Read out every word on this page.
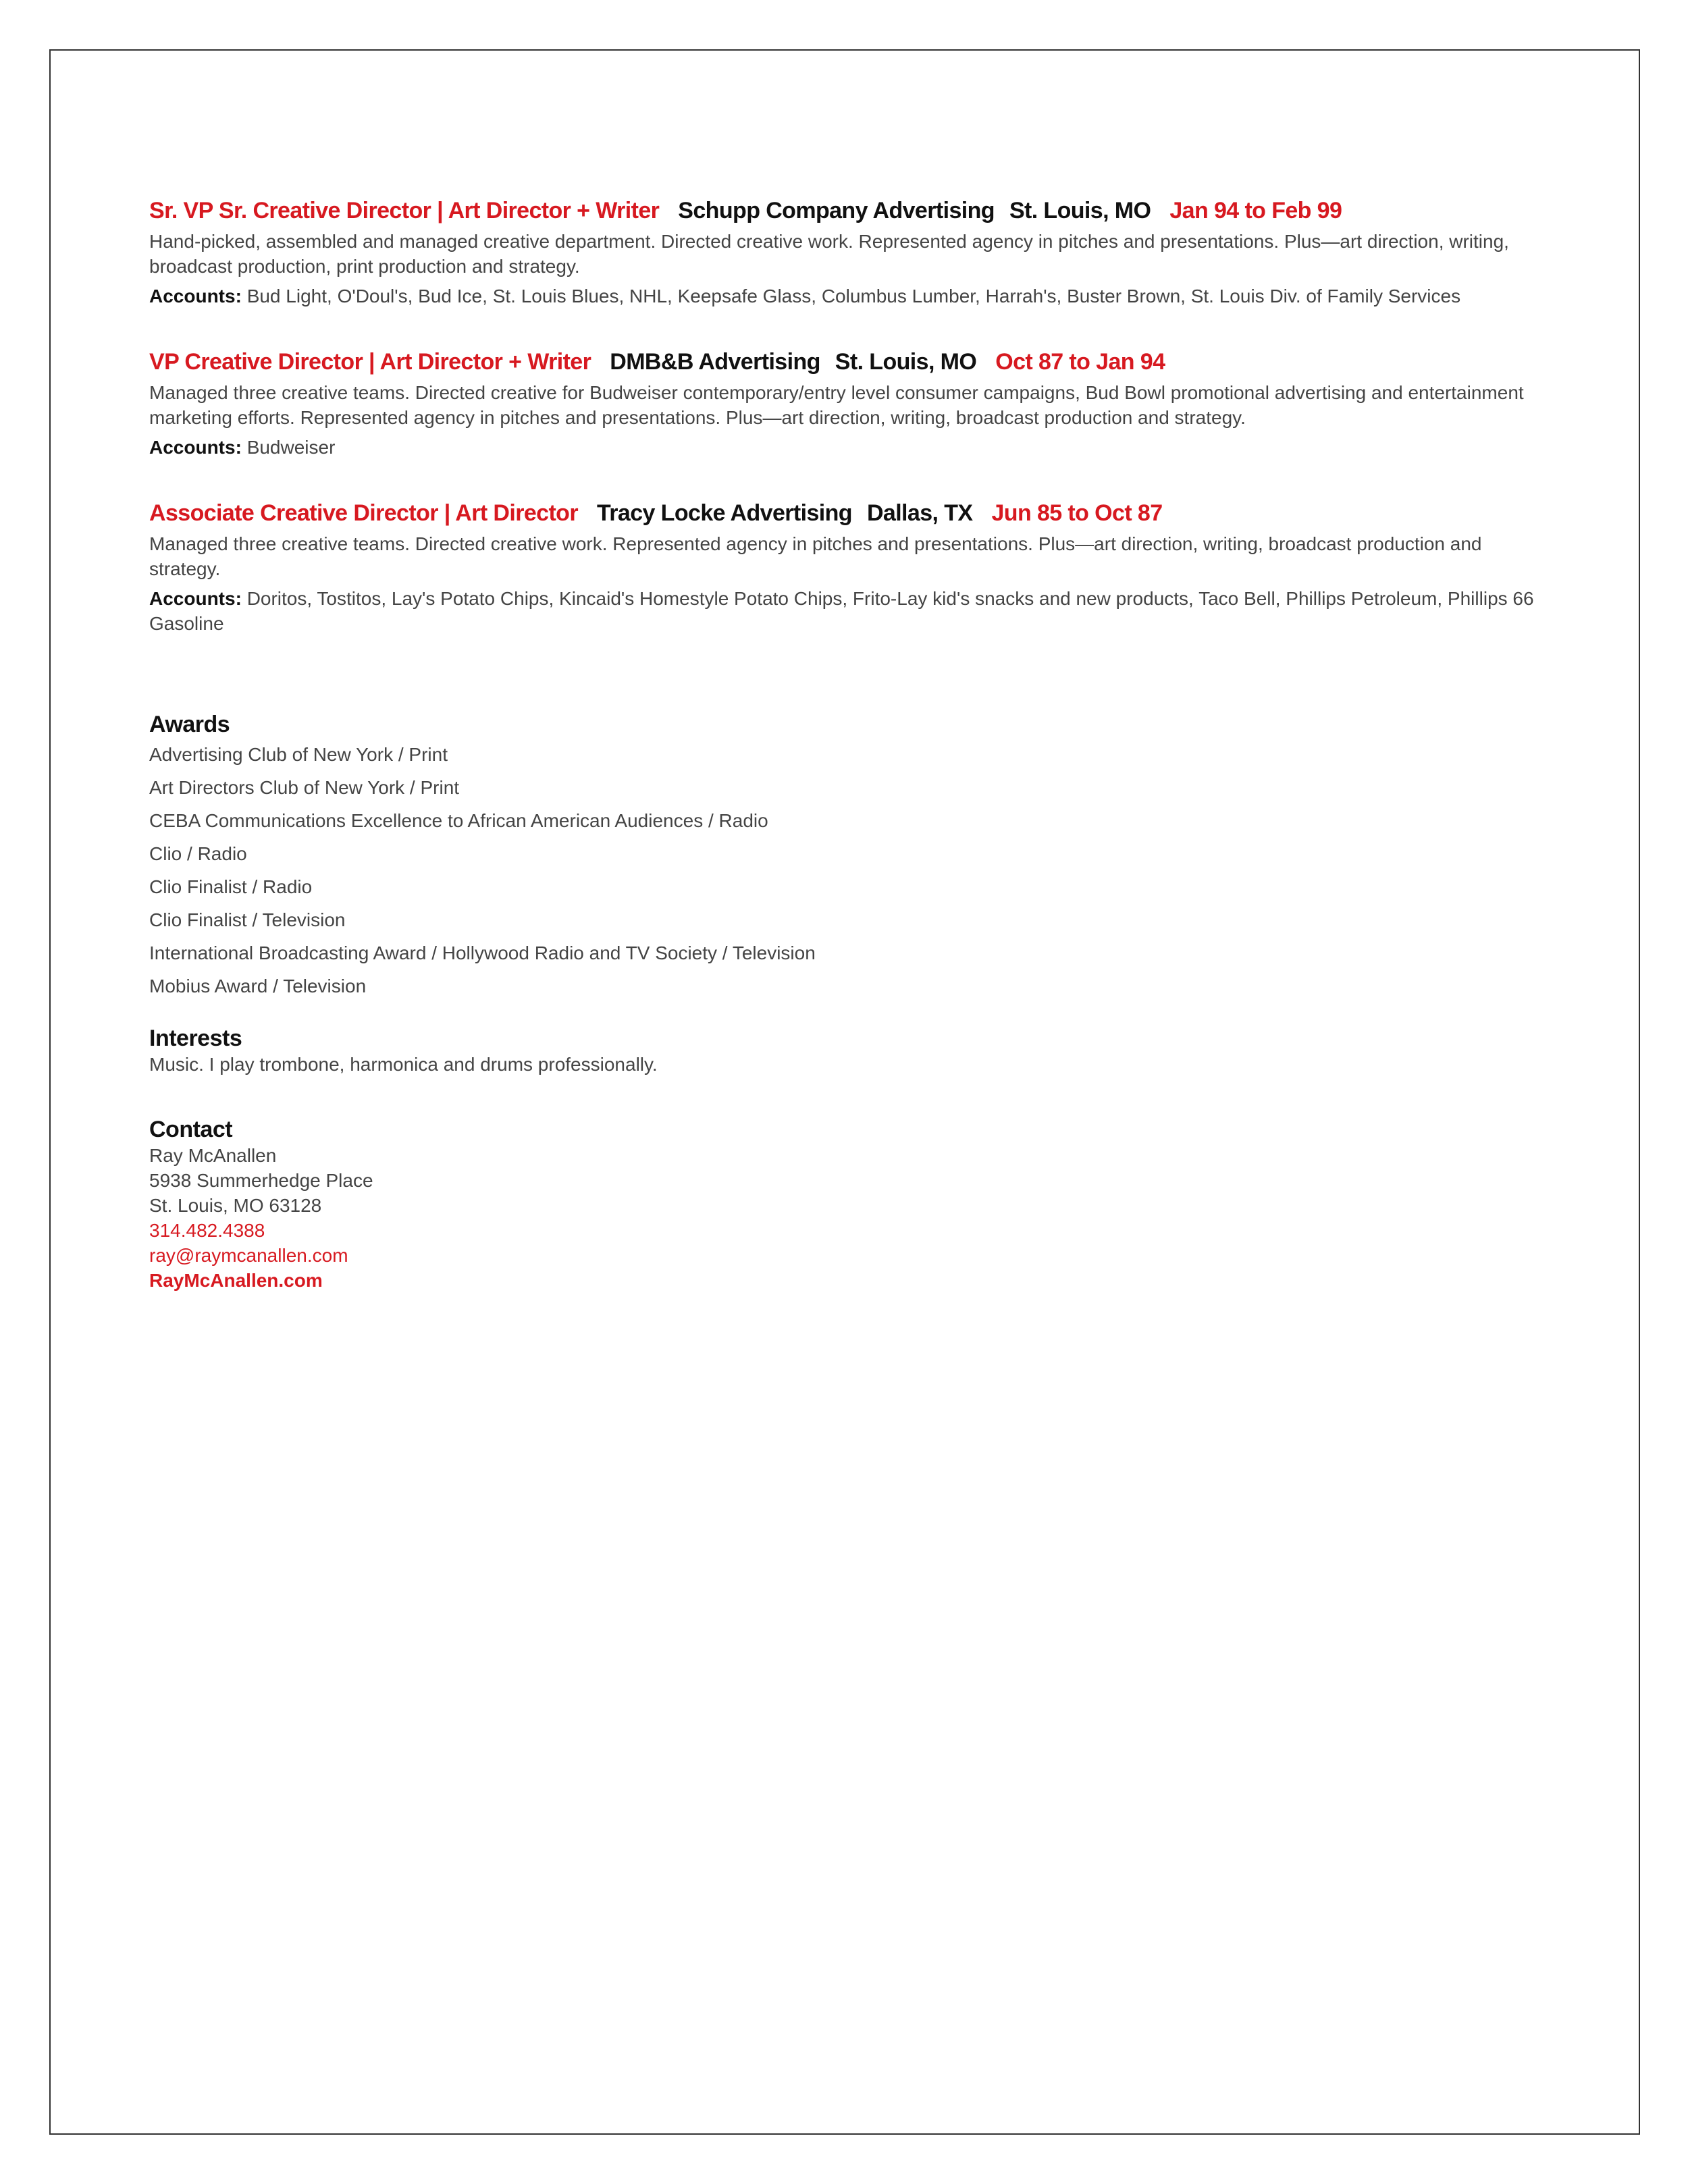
Sr. VP Sr. Creative Director | Art Director + Writer Schupp Company Advertising St. Louis, MO Jan 94 to Feb 99

Hand-picked, assembled and managed creative department. Directed creative work. Represented agency in pitches and presentations. Plus—art direction, writing, broadcast production, print production and strategy.

Accounts: Bud Light, O'Doul's, Bud Ice, St. Louis Blues, NHL, Keepsafe Glass, Columbus Lumber, Harrah's, Buster Brown, St. Louis Div. of Family Services
VP Creative Director | Art Director + Writer DMB&B Advertising St. Louis, MO Oct 87 to Jan 94

Managed three creative teams. Directed creative for Budweiser contemporary/entry level consumer campaigns, Bud Bowl promotional advertising and entertainment marketing efforts. Represented agency in pitches and presentations. Plus—art direction, writing, broadcast production and strategy.

Accounts: Budweiser
Associate Creative Director | Art Director Tracy Locke Advertising Dallas, TX Jun 85 to Oct 87

Managed three creative teams. Directed creative work. Represented agency in pitches and presentations. Plus—art direction, writing, broadcast production and strategy.

Accounts: Doritos, Tostitos, Lay's Potato Chips, Kincaid's Homestyle Potato Chips, Frito-Lay kid's snacks and new products, Taco Bell, Phillips Petroleum, Phillips 66 Gasoline
Awards
Advertising Club of New York / Print
Art Directors Club of New York / Print
CEBA Communications Excellence to African American Audiences / Radio
Clio / Radio
Clio Finalist / Radio
Clio Finalist / Television
International Broadcasting Award / Hollywood Radio and TV Society / Television
Mobius Award / Television
Interests
Music. I play trombone, harmonica and drums professionally.
Contact
Ray McAnallen
5938 Summerhedge Place
St. Louis, MO 63128
314.482.4388
ray@raymcanallen.com
RayMcAnallen.com
